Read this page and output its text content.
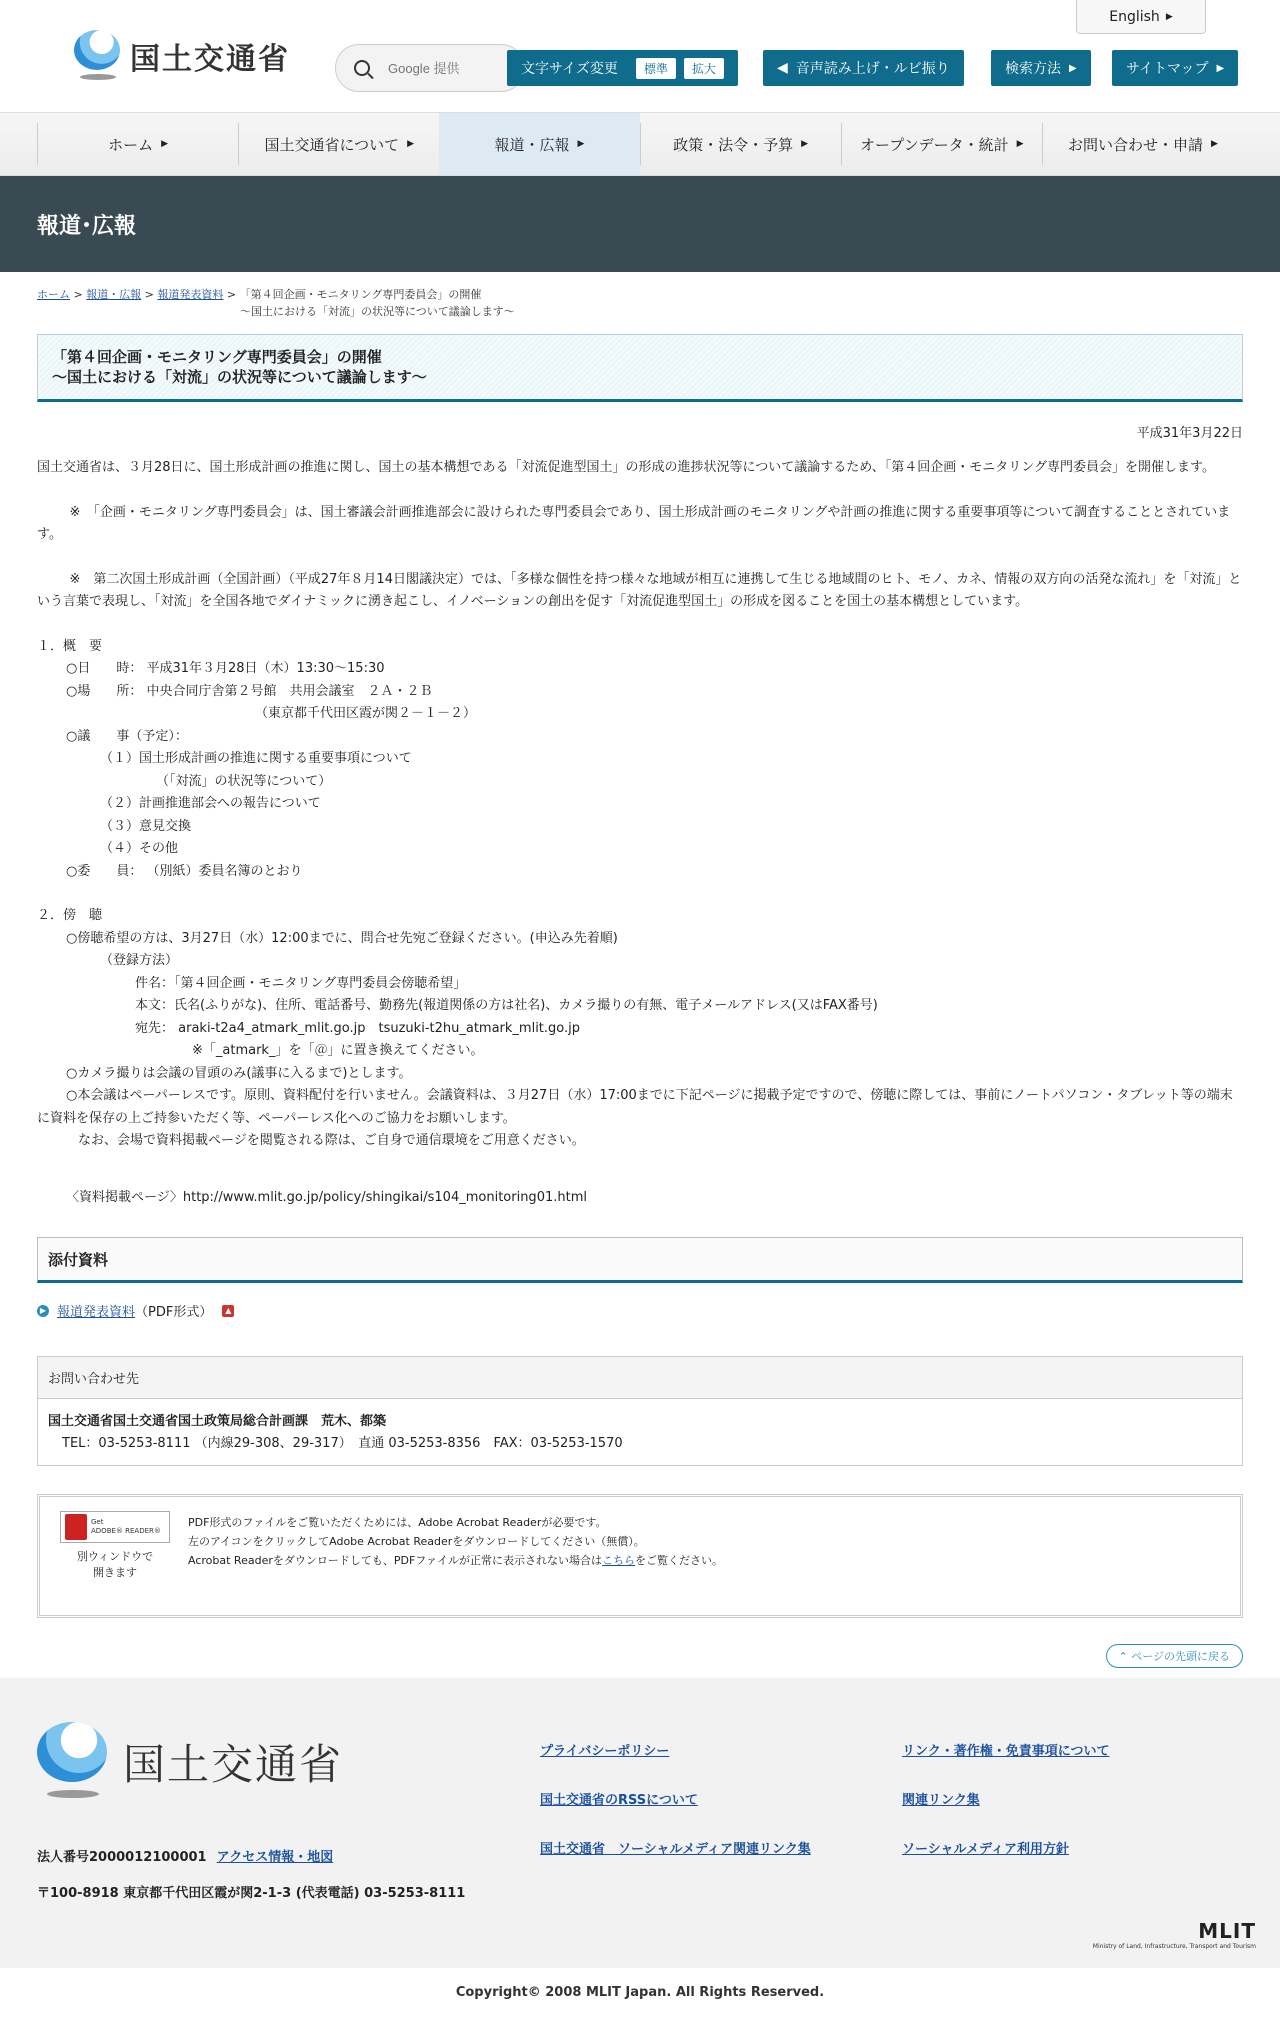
国土交通省
English ▶
Google 提供
文字サイズ変更	標準	拡大	◀ 音声読み上げ・ルビ振り	検索方法 ▶	サイトマップ ▶
ホーム ▶	国土交通省について ▶	報道・広報 ▶	政策・法令・予算 ▶	オープンデータ・統計 ▶	お問い合わせ・申請 ▶
報道･広報
ホーム > 報道・広報 > 報道発表資料 > 「第４回企画・モニタリング専門委員会」の開催
～国土における「対流」の状況等について議論します～
「第４回企画・モニタリング専門委員会」の開催
～国土における「対流」の状況等について議論します～
平成31年3月22日

国土交通省は、３月28日に、国土形成計画の推進に関し、国土の基本構想である「対流促進型国土」の形成の進捗状況等について議論するため、「第４回企画・モニタリング専門委員会」を開催します。

※　「企画・モニタリング専門委員会」は、国土審議会計画推進部会に設けられた専門委員会であり、国土形成計画のモニタリングや計画の推進に関する重要事項等について調査することとされています。

※　第二次国土形成計画（全国計画）（平成27年８月14日閣議決定）では、「多様な個性を持つ様々な地域が相互に連携して生じる地域間のヒト、モノ、カネ、情報の双方向の活発な流れ」を「対流」という言葉で表現し、「対流」を全国各地でダイナミックに湧き起こし、イノベーションの創出を促す「対流促進型国土」の形成を図ることを国土の基本構想としています。

１．概　要

○日　　時： 平成31年３月28日（木）13:30～15:30

○場　　所： 中央合同庁舎第２号館　共用会議室　２Ａ・２Ｂ

（東京都千代田区霞が関２－１－２）

○議　　事（予定）：

（１）国土形成計画の推進に関する重要事項について

（「対流」の状況等について）

（２）計画推進部会への報告について

（３）意見交換

（４）その他

○委　　員： （別紙）委員名簿のとおり

２．傍　聴

○傍聴希望の方は、3月27日（水）12:00までに、問合せ先宛ご登録ください。(申込み先着順)

（登録方法）

件名：「第４回企画・モニタリング専門委員会傍聴希望」

本文：氏名(ふりがな)、住所、電話番号、勤務先(報道関係の方は社名)、カメラ撮りの有無、電子メールアドレス(又はFAX番号)

宛先： araki-t2a4_atmark_mlit.go.jp　tsuzuki-t2hu_atmark_mlit.go.jp

※「_atmark_」を「＠」に置き換えてください。

○カメラ撮りは会議の冒頭のみ(議事に入るまで)とします。

○本会議はペーパーレスです。原則、資料配付を行いません。会議資料は、３月27日（水）17:00までに下記ページに掲載予定ですので、傍聴に際しては、事前にノートパソコン・タブレット等の端末に資料を保存の上ご持参いただく等、ペーパーレス化へのご協力をお願いします。

なお、会場で資料掲載ページを閲覧される際は、ご自身で通信環境をご用意ください。

〈資料掲載ページ〉http://www.mlit.go.jp/policy/shingikai/s104_monitoring01.html

添付資料
▶ 報道発表資料 （PDF形式）	▲
お問い合わせ先
国土交通省国土交通省国土政策局総合計画課　荒木、都築
TEL：03-5253-8111 （内線29-308、29-317）　直通 03-5253-8356　FAX：03-5253-1570
Get
ADOBE® READER®
別ウィンドウで
開きます
PDF形式のファイルをご覧いただくためには、Adobe Acrobat Readerが必要です。
左のアイコンをクリックしてAdobe Acrobat Readerをダウンロードしてください（無償）。
Acrobat Readerをダウンロードしても、PDFファイルが正常に表示されない場合はこちらをご覧ください。
⌃ ページの先頭に戻る
国土交通省
法人番号2000012100001 アクセス情報・地図
〒100-8918 東京都千代田区霞が関2-1-3 (代表電話) 03-5253-8111
プライバシーポリシー	リンク・著作権・免責事項について
国土交通省のRSSについて	関連リンク集
国土交通省　ソーシャルメディア関連リンク集	ソーシャルメディア利用方針
MLIT
Ministry of Land, Infrastructure, Transport and Tourism
Copyright© 2008 MLIT Japan. All Rights Reserved.
